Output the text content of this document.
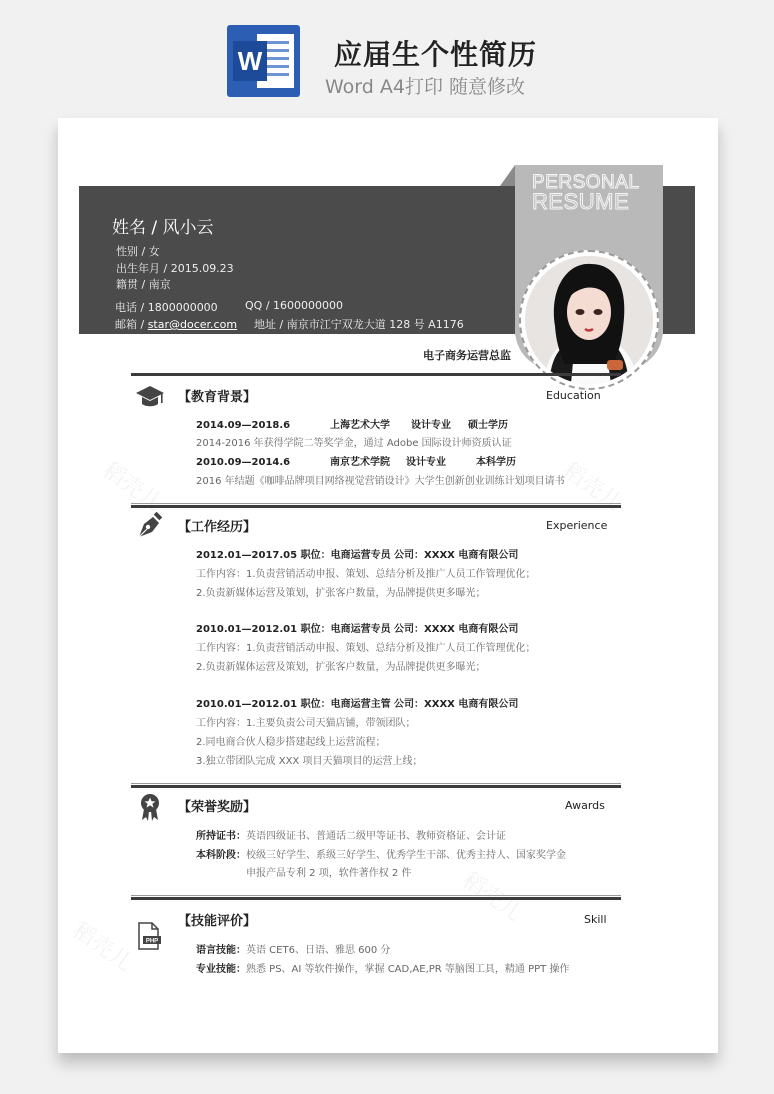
W	应届生个性简历
Word A4打印 随意修改
PERSONAL
RESUME
姓名 / 风小云
性别 / 女
出生年月 / 2015.09.23
籍贯 / 南京
电话 / 1800000000 QQ / 1600000000
邮箱 / star@docer.com 地址 / 南京市江宁双龙大道 128 号 A1176
电子商务运营总监
【教育背景】	Education
2014.09—2018.6	上海艺术大学 设计专业 硕士学历
2014-2016 年获得学院二等奖学金，通过 Adobe 国际设计师资质认证
2010.09—2014.6	南京艺术学院 设计专业	本科学历
2016 年结题《咖啡品牌项目网络视觉营销设计》大学生创新创业训练计划项目请书
【工作经历】	Experience
2012.01—2017.05 职位：电商运营专员 公司：XXXX 电商有限公司
工作内容：1.负责营销活动申报、策划、总结分析及推广人员工作管理优化；
2.负责新媒体运营及策划，扩张客户数量，为品牌提供更多曝光；
2010.01—2012.01 职位：电商运营专员 公司：XXXX 电商有限公司
工作内容：1.负责营销活动申报、策划、总结分析及推广人员工作管理优化；
2.负责新媒体运营及策划，扩张客户数量，为品牌提供更多曝光；
2010.01—2012.01 职位：电商运营主管 公司：XXXX 电商有限公司
工作内容：1.主要负责公司天猫店铺，带领团队；
2.同电商合伙人稳步搭建起线上运营流程；
3.独立带团队完成 XXX 项目天猫项目的运营上线；
【荣誉奖励】	Awards
所持证书：英语四级证书、普通话二级甲等证书、教师资格证、会计证
本科阶段：校级三好学生、系级三好学生、优秀学生干部、优秀主持人、国家奖学金
申报产品专利 2 项，软件著作权 2 件
PHP
【技能评价】	Skill
语言技能：英语 CET6、日语、雅思 600 分
专业技能：熟悉 PS、AI 等软件操作，掌握 CAD,AE,PR 等脑图工具，精通 PPT 操作
